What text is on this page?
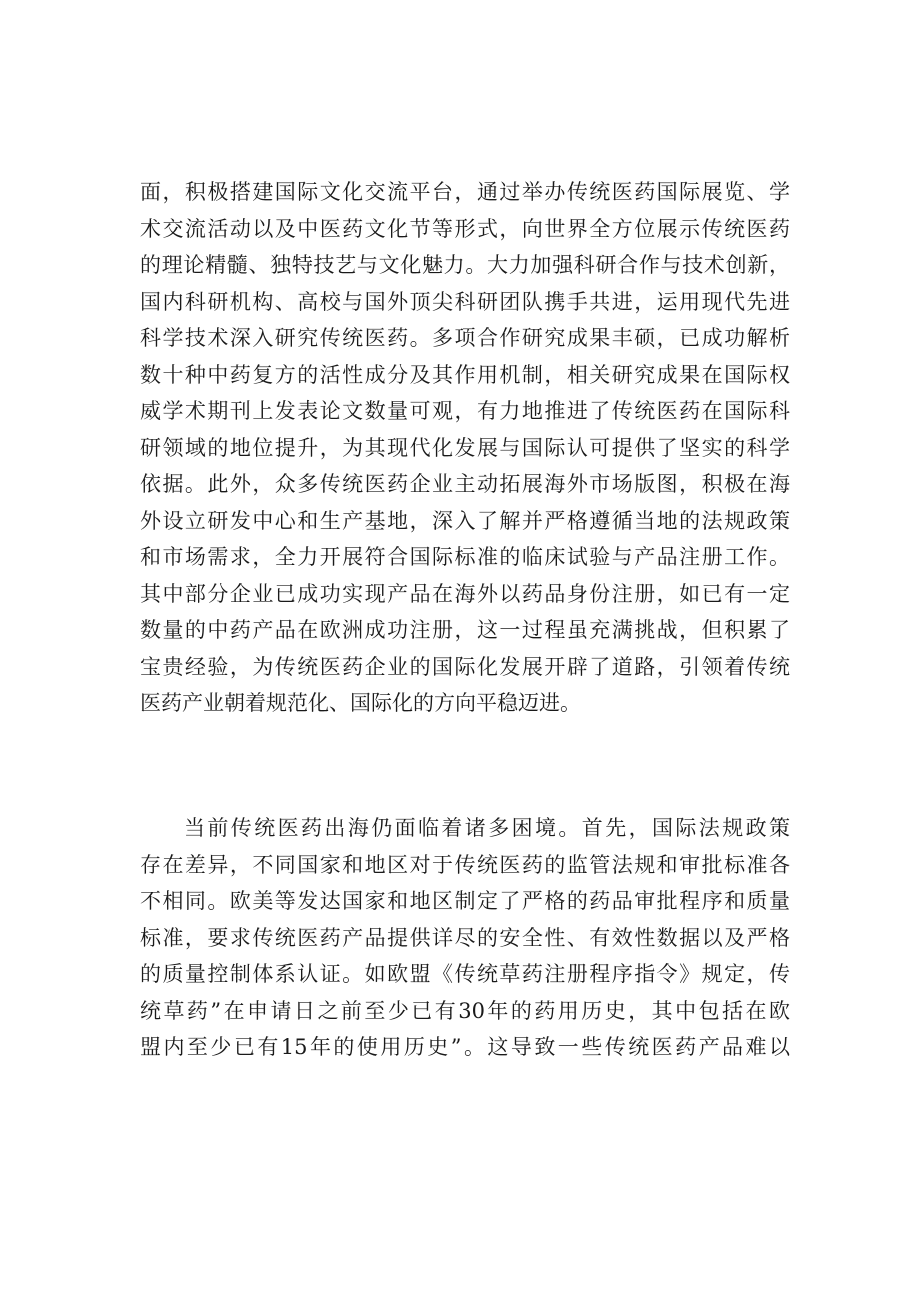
面，积极搭建国际文化交流平台，通过举办传统医药国际展览、学
术交流活动以及中医药文化节等形式，向世界全方位展示传统医药
的理论精髓、独特技艺与文化魅力。大力加强科研合作与技术创新，
国内科研机构、高校与国外顶尖科研团队携手共进，运用现代先进
科学技术深入研究传统医药。多项合作研究成果丰硕，已成功解析
数十种中药复方的活性成分及其作用机制，相关研究成果在国际权
威学术期刊上发表论文数量可观，有力地推进了传统医药在国际科
研领域的地位提升，为其现代化发展与国际认可提供了坚实的科学
依据。此外，众多传统医药企业主动拓展海外市场版图，积极在海
外设立研发中心和生产基地，深入了解并严格遵循当地的法规政策
和市场需求，全力开展符合国际标准的临床试验与产品注册工作。
其中部分企业已成功实现产品在海外以药品身份注册，如已有一定
数量的中药产品在欧洲成功注册，这一过程虽充满挑战，但积累了
宝贵经验，为传统医药企业的国际化发展开辟了道路，引领着传统
医药产业朝着规范化、国际化的方向平稳迈进。
当前传统医药出海仍面临着诸多困境。首先，国际法规政策
存在差异，不同国家和地区对于传统医药的监管法规和审批标准各
不相同。欧美等发达国家和地区制定了严格的药品审批程序和质量
标准，要求传统医药产品提供详尽的安全性、有效性数据以及严格
的质量控制体系认证。如欧盟《传统草药注册程序指令》规定，传
统草药”在申请日之前至少已有30年的药用历史，其中包括在欧
盟内至少已有15年的使用历史”。这导致一些传统医药产品难以
